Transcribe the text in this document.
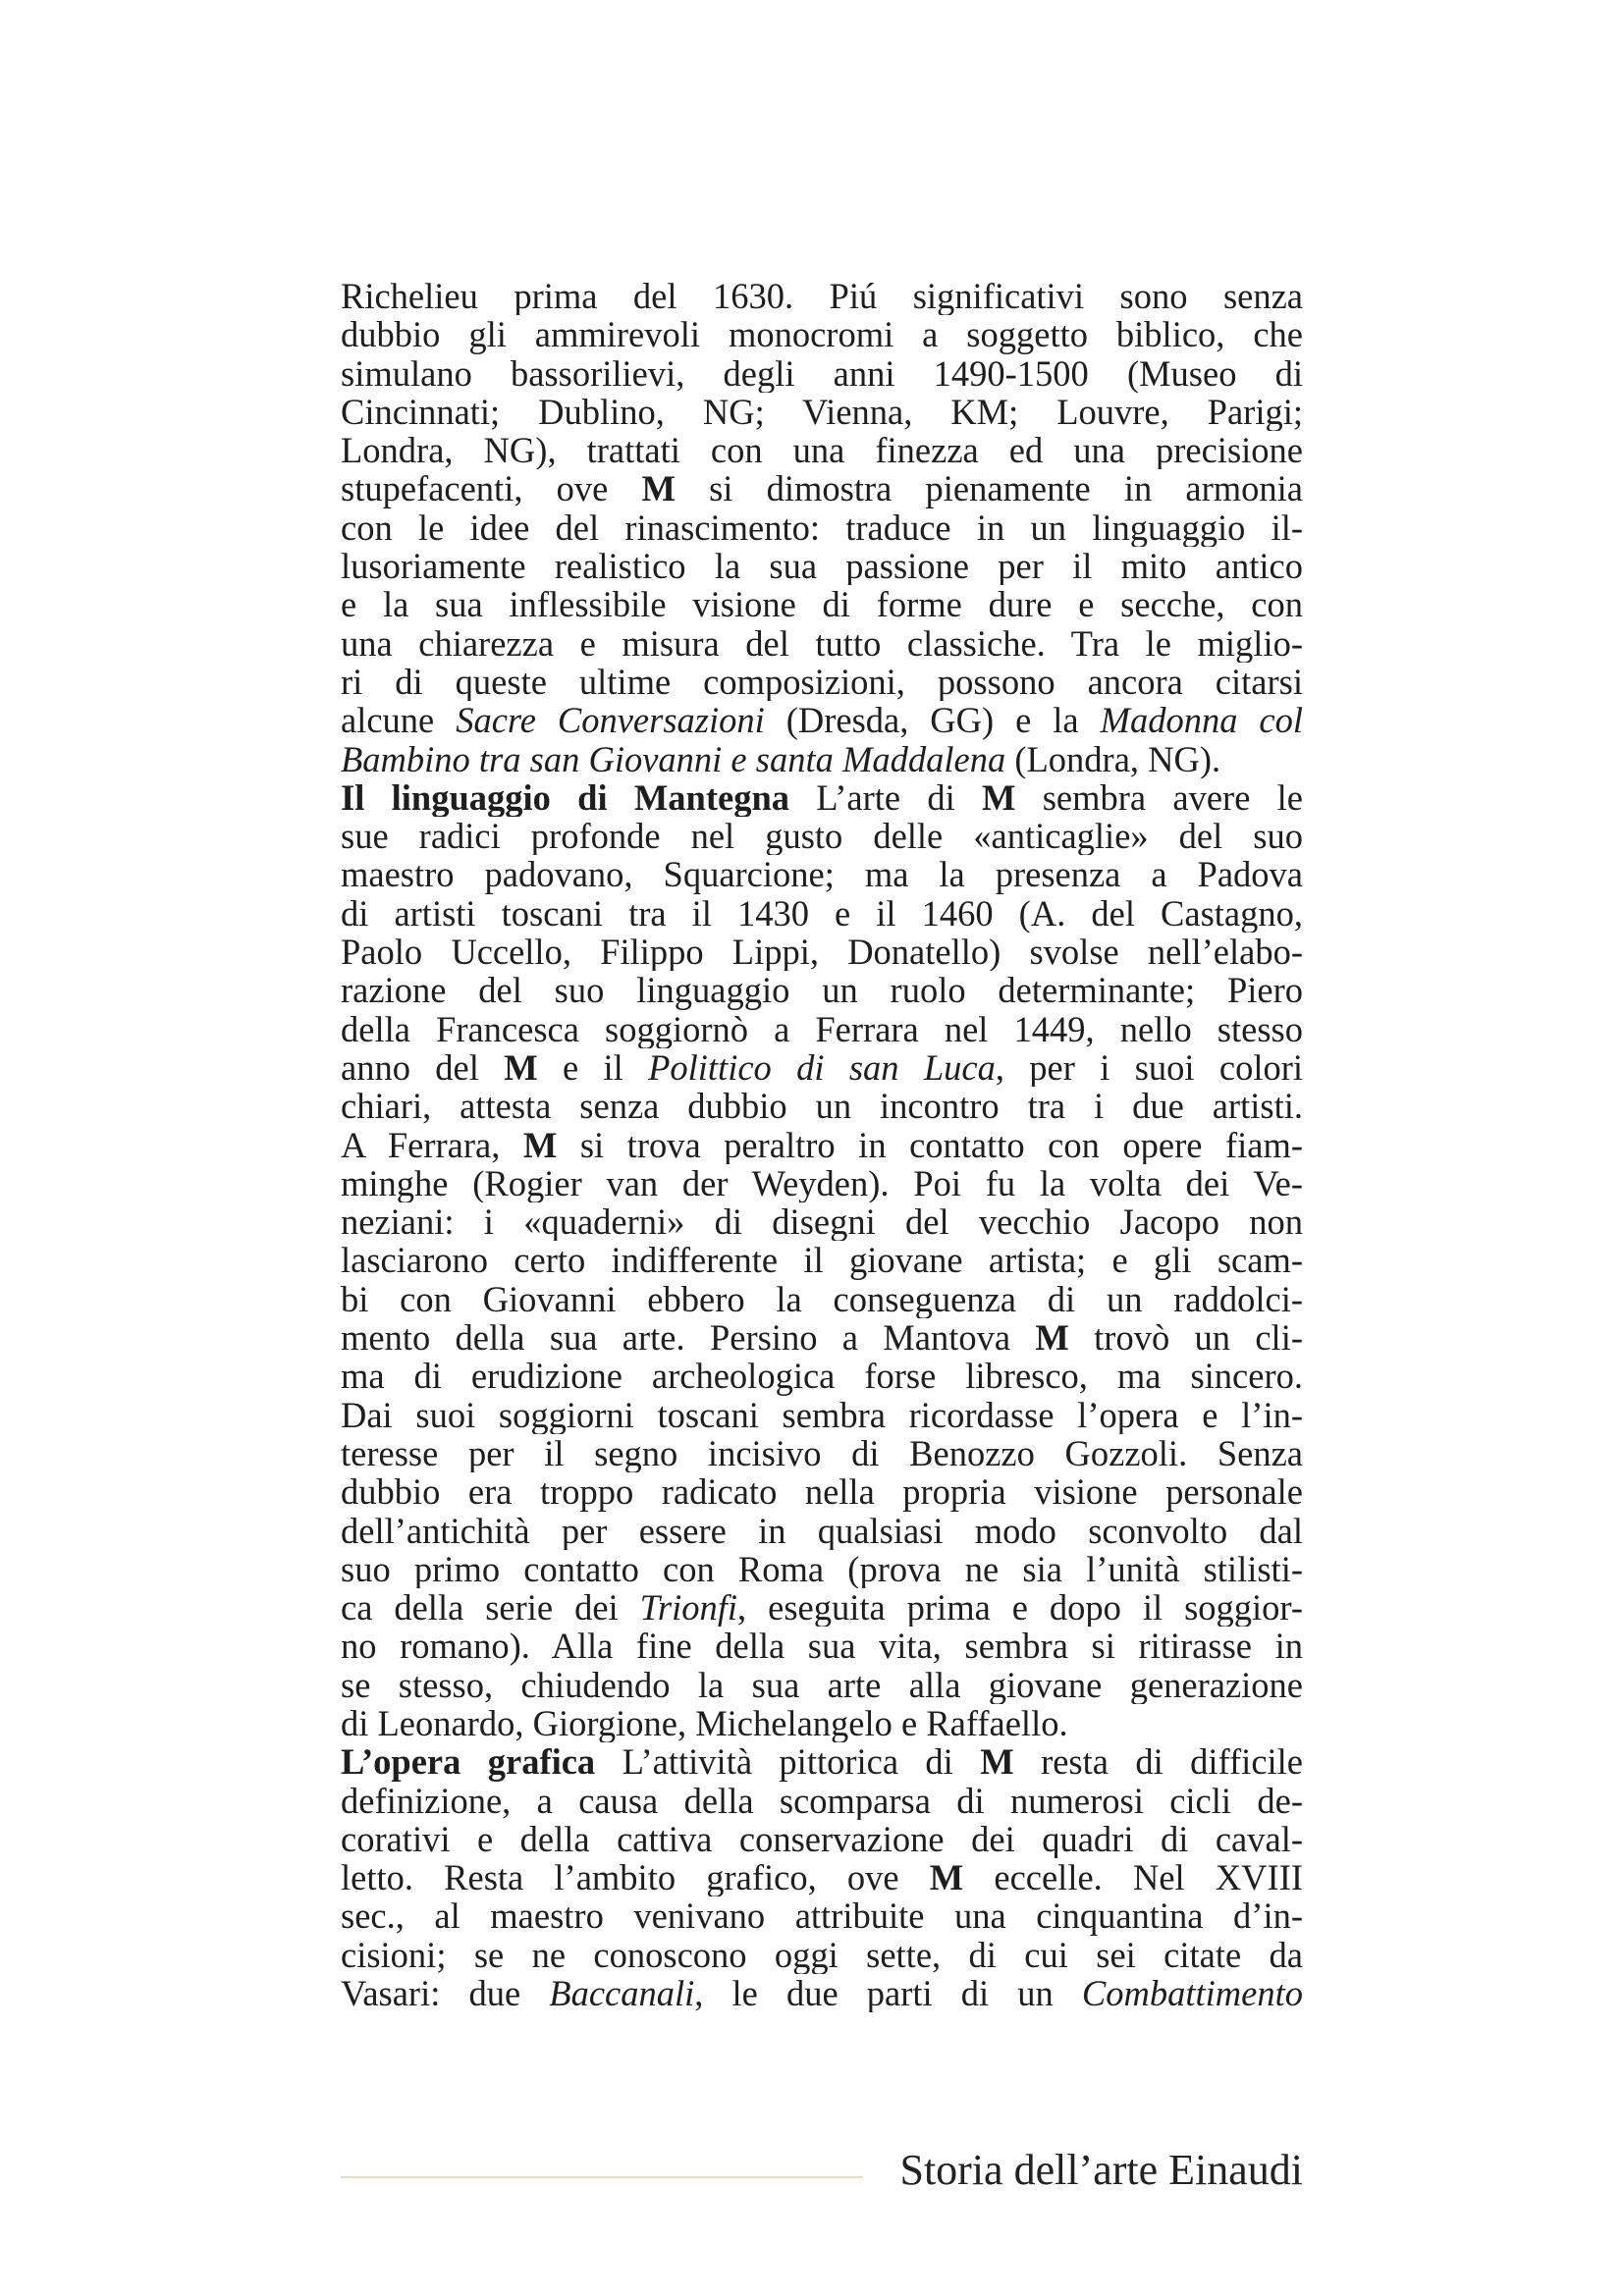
Richelieu prima del 1630. Piú significativi sono senza
dubbio gli ammirevoli monocromi a soggetto biblico, che
simulano bassorilievi, degli anni 1490-1500 (Museo di
Cincinnati; Dublino, NG; Vienna, KM; Louvre, Parigi;
Londra, NG), trattati con una finezza ed una precisione
stupefacenti, ove M si dimostra pienamente in armonia
con le idee del rinascimento: traduce in un linguaggio il-
lusoriamente realistico la sua passione per il mito antico
e la sua inflessibile visione di forme dure e secche, con
una chiarezza e misura del tutto classiche. Tra le miglio-
ri di queste ultime composizioni, possono ancora citarsi
alcune Sacre Conversazioni (Dresda, GG) e la Madonna col
Bambino tra san Giovanni e santa Maddalena (Londra, NG).
Il linguaggio di Mantegna L’arte di M sembra avere le
sue radici profonde nel gusto delle «anticaglie» del suo
maestro padovano, Squarcione; ma la presenza a Padova
di artisti toscani tra il 1430 e il 1460 (A. del Castagno,
Paolo Uccello, Filippo Lippi, Donatello) svolse nell’elabo-
razione del suo linguaggio un ruolo determinante; Piero
della Francesca soggiornò a Ferrara nel 1449, nello stesso
anno del M e il Polittico di san Luca, per i suoi colori
chiari, attesta senza dubbio un incontro tra i due artisti.
A Ferrara, M si trova peraltro in contatto con opere fiam-
minghe (Rogier van der Weyden). Poi fu la volta dei Ve-
neziani: i «quaderni» di disegni del vecchio Jacopo non
lasciarono certo indifferente il giovane artista; e gli scam-
bi con Giovanni ebbero la conseguenza di un raddolci-
mento della sua arte. Persino a Mantova M trovò un cli-
ma di erudizione archeologica forse libresco, ma sincero.
Dai suoi soggiorni toscani sembra ricordasse l’opera e l’in-
teresse per il segno incisivo di Benozzo Gozzoli. Senza
dubbio era troppo radicato nella propria visione personale
dell’antichità per essere in qualsiasi modo sconvolto dal
suo primo contatto con Roma (prova ne sia l’unità stilisti-
ca della serie dei Trionfi, eseguita prima e dopo il soggior-
no romano). Alla fine della sua vita, sembra si ritirasse in
se stesso, chiudendo la sua arte alla giovane generazione
di Leonardo, Giorgione, Michelangelo e Raffaello.
L’opera grafica L’attività pittorica di M resta di difficile
definizione, a causa della scomparsa di numerosi cicli de-
corativi e della cattiva conservazione dei quadri di caval-
letto. Resta l’ambito grafico, ove M eccelle. Nel XVIII
sec., al maestro venivano attribuite una cinquantina d’in-
cisioni; se ne conoscono oggi sette, di cui sei citate da
Vasari: due Baccanali, le due parti di un Combattimento
Storia dell’arte Einaudi
